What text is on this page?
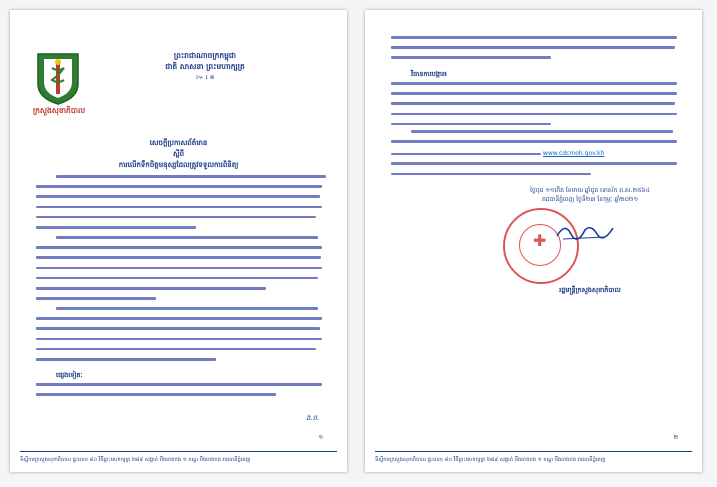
ក្រសួងសុខាភិបាល
ព្រះរាជាណាចក្រកម្ពុជា
ជាតិ សាសនា ព្រះមហាក្សត្រ
៚ ៛ ៙
សេចក្តីប្រកាសព័ត៌មាន
ស្តីពី
ការលើកទឹកចិត្តមនុស្សដែលត្រូវទទួលការពិនិត្យ
ផ្សេងទៀតៈ
ង.ច.
១
ទីស្តីការក្រសួងសុខាភិបាល ផ្ទះលេខ ៨០ វិថីព្រះមហាក្សត្រ ២៨៩ សង្កាត់ បឹងកេងកង ១ ខណ្ឌ បឹងកេងកង រាជធានីភ្នំពេញ
វិធានការបង្ការ៖
www.cdcmoh.gov.kh
ថ្ងៃពុធ ១១កើត ខែមាឃ ឆ្នាំជូត ទោស័ក ព.ស.២៥៦៤
រាជធានីភ្នំពេញ ថ្ងៃទី២៣ ខែកុម្ភៈ ឆ្នាំ២០២១
✚
រដ្ឋមន្ត្រីក្រសួងសុខាភិបាល
២
ទីស្តីការក្រសួងសុខាភិបាល ផ្ទះលេខ ៨០ វិថីព្រះមហាក្សត្រ ២៨៩ សង្កាត់ បឹងកេងកង ១ ខណ្ឌ បឹងកេងកង រាជធានីភ្នំពេញ
